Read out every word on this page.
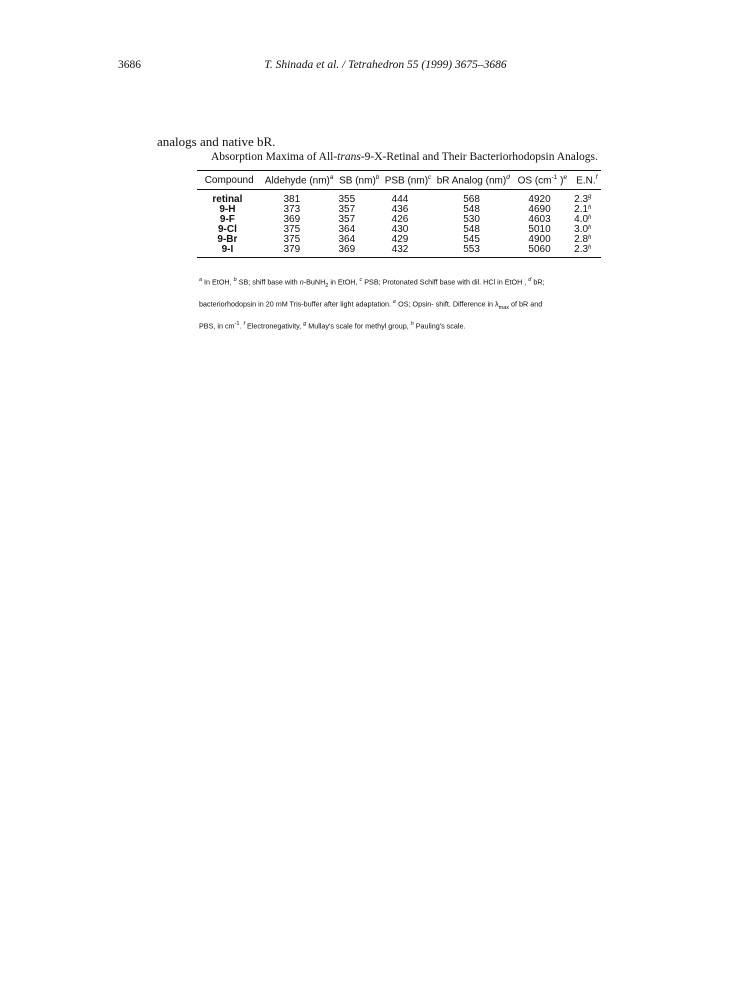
3686	T. Shinada et al. / Tetrahedron 55 (1999) 3675–3686
analogs and native bR.
Absorption Maxima of All-trans-9-X-Retinal and Their Bacteriorhodopsin Analogs.
Compound	Aldehyde (nm)$^a$ SB (nm)$^b$ PSB (nm)$^c$ bR Analog (nm)$^d$ OS ($cm^{-1}$ )$^e$ E.N.$^f$
retinal	381	355	444	568	4920	2.3$^g$
9-H	373	357	436	548	4690	2.1$^h$
9-F	369	357	426	530	4603	4.0$^h$
9-Cl	375	364	430	548	5010	3.0$^h$
9-Br	375	364	429	545	4900	2.8$^h$
9-I	379	369	432	553	5060	2.3$^h$
$^a$ In EtOH, $^b$ SB; shiff base with n-BuNH$_2$ in EtOH, $^c$ PSB; Protonated Schiff base with dil. HCl in EtOH , $^d$ bR;
bacteriorhodopsin in 20 mM Tris-buffer after light adaptation. $^e$ OS; Opsin- shift. Difference in $\lambda_{max}$ of bR and
PBS, in $cm^{-1}$. $^f$ Electronegativity, $^g$ Mullay's scale for methyl group, $^h$ Pauling's scale.
